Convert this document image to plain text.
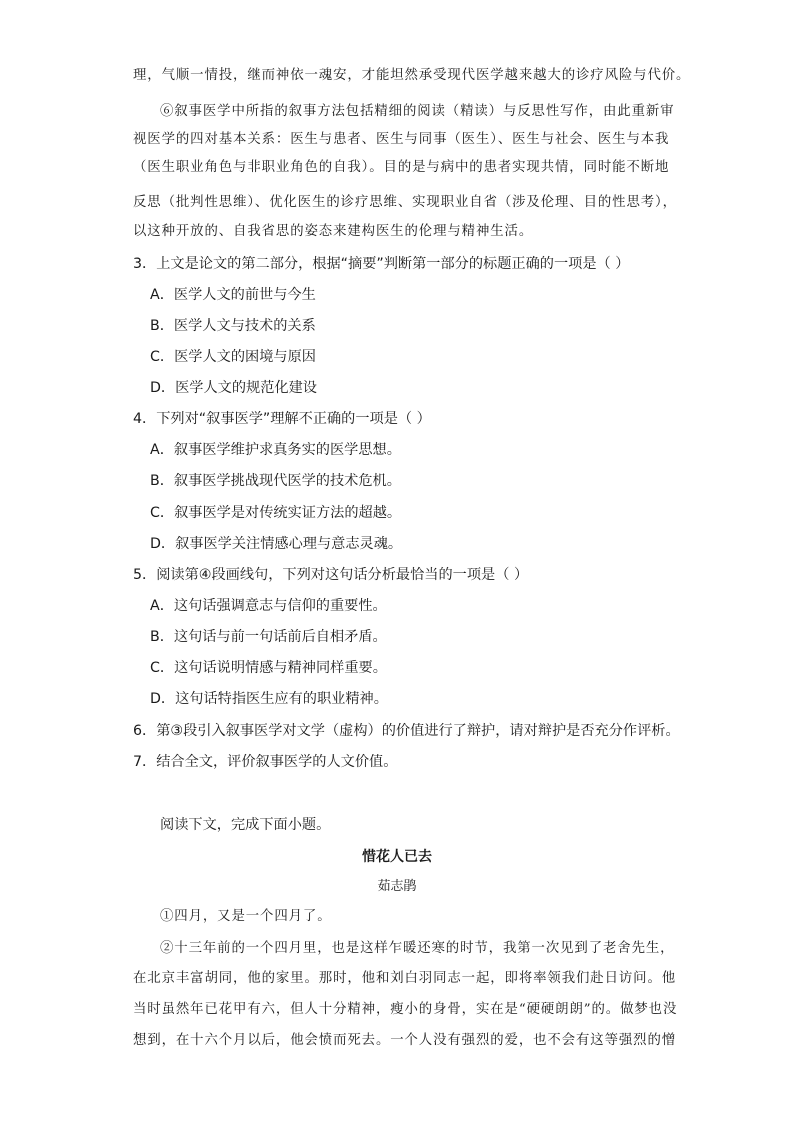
理，气顺一情投，继而神依一魂安，才能坦然承受现代医学越来越大的诊疗风险与代价。
⑥叙事医学中所指的叙事方法包括精细的阅读（精读）与反思性写作，由此重新审
视医学的四对基本关系：医生与患者、医生与同事（医生）、医生与社会、医生与本我
（医生职业角色与非职业角色的自我）。目的是与病中的患者实现共情，同时能不断地
反思（批判性思维）、优化医生的诊疗思维、实现职业自省（涉及伦理、目的性思考），
以这种开放的、自我省思的姿态来建构医生的伦理与精神生活。
3．上文是论文的第二部分，根据“摘要”判断第一部分的标题正确的一项是（ ）
A．医学人文的前世与今生
B．医学人文与技术的关系
C．医学人文的困境与原因
D．医学人文的规范化建设
4．下列对“叙事医学”理解不正确的一项是（ ）
A．叙事医学维护求真务实的医学思想。
B．叙事医学挑战现代医学的技术危机。
C．叙事医学是对传统实证方法的超越。
D．叙事医学关注情感心理与意志灵魂。
5．阅读第④段画线句，下列对这句话分析最恰当的一项是（ ）
A．这句话强调意志与信仰的重要性。
B．这句话与前一句话前后自相矛盾。
C．这句话说明情感与精神同样重要。
D．这句话特指医生应有的职业精神。
6．第③段引入叙事医学对文学（虚构）的价值进行了辩护，请对辩护是否充分作评析。
7．结合全文，评价叙事医学的人文价值。
阅读下文，完成下面小题。
惜花人已去
茹志鹃
①四月，又是一个四月了。
②十三年前的一个四月里，也是这样乍暖还寒的时节，我第一次见到了老舍先生，
在北京丰富胡同，他的家里。那时，他和刘白羽同志一起，即将率领我们赴日访问。他
当时虽然年已花甲有六，但人十分精神，瘦小的身骨，实在是“硬硬朗朗”的。做梦也没
想到，在十六个月以后，他会愤而死去。一个人没有强烈的爱，也不会有这等强烈的憎
